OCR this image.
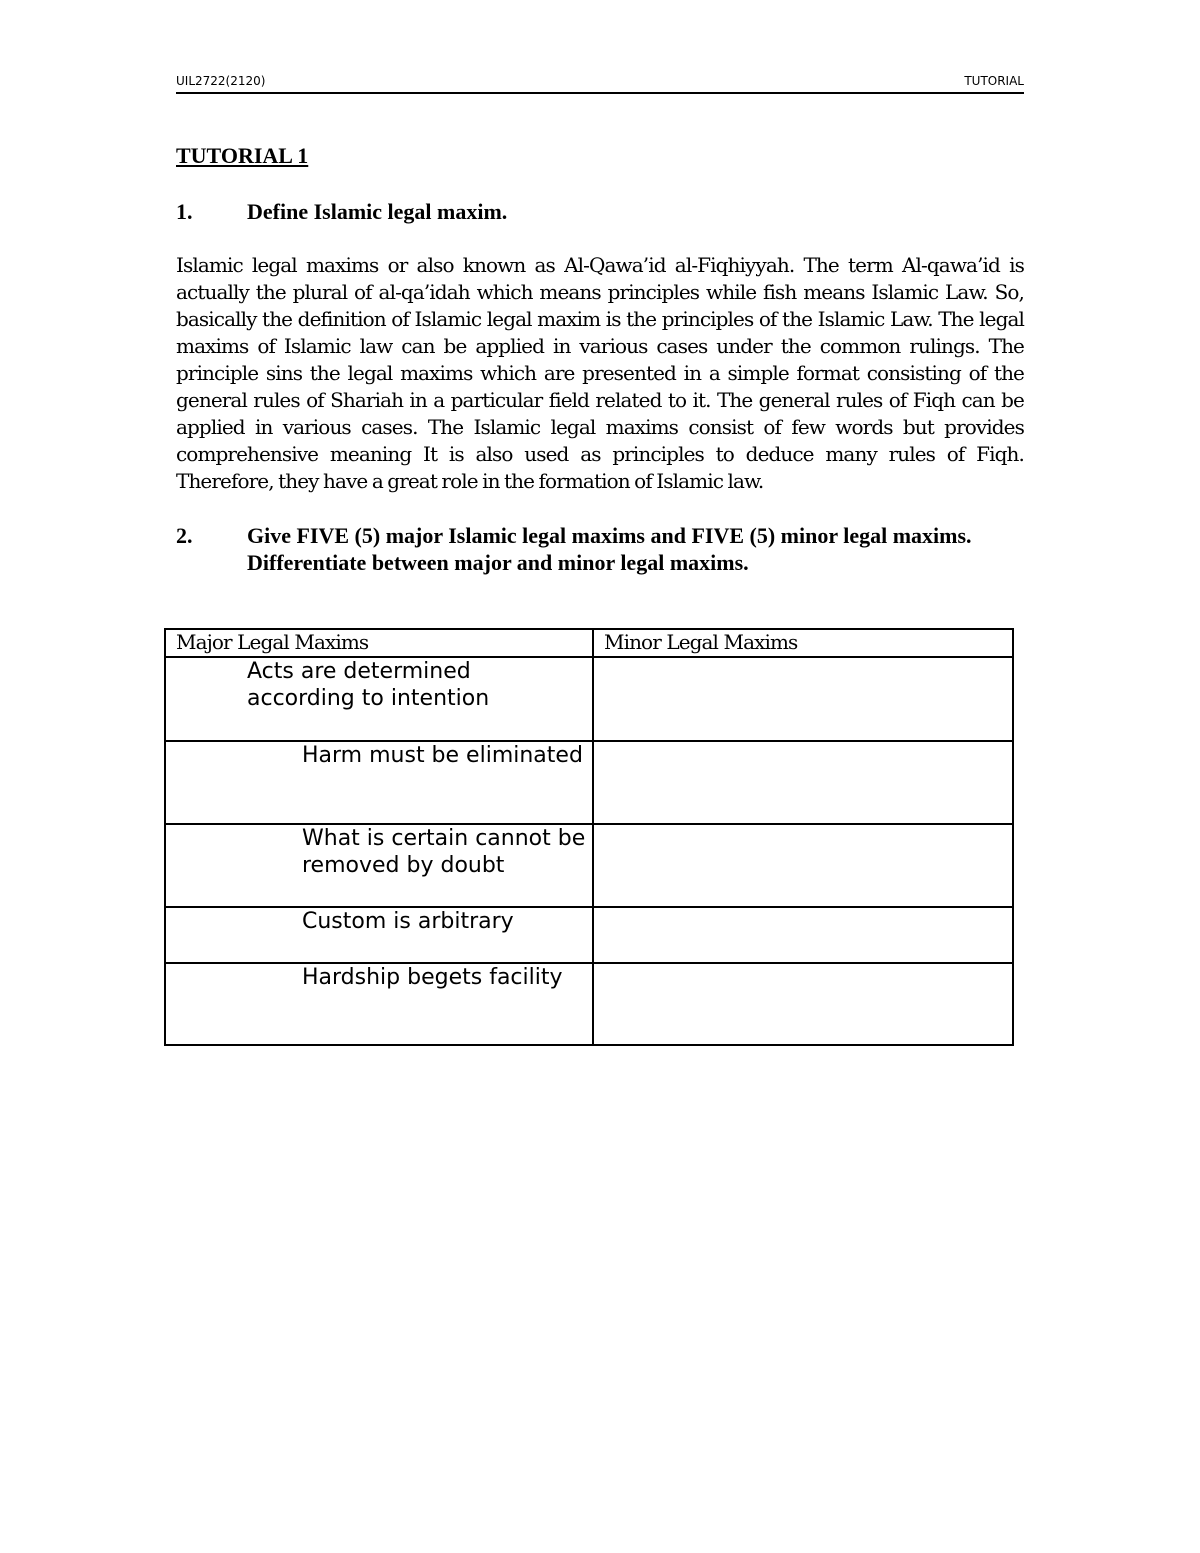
UIL2722(2120)	TUTORIAL
TUTORIAL 1
1. Define Islamic legal maxim.
Islamic legal maxims or also known as Al-Qawa’id al-Fiqhiyyah. The term Al-qawa’id is actually the plural of al-qa’idah which means principles while fish means Islamic Law. So, basically the definition of Islamic legal maxim is the principles of the Islamic Law. The legal maxims of Islamic law can be applied in various cases under the common rulings. The principle sins the legal maxims which are presented in a simple format consisting of the general rules of Shariah in a particular field related to it. The general rules of Fiqh can be applied in various cases. The Islamic legal maxims consist of few words but provides comprehensive meaning It is also used as principles to deduce many rules of Fiqh. Therefore, they have a great role in the formation of Islamic law.
2. Give FIVE (5) major Islamic legal maxims and FIVE (5) minor legal maxims. Differentiate between major and minor legal maxims.
Major Legal Maxims	Minor Legal Maxims

Acts are determined according to intention	

Harm must be eliminated	

What is certain cannot be removed by doubt	

Custom is arbitrary	

Hardship begets facility	
